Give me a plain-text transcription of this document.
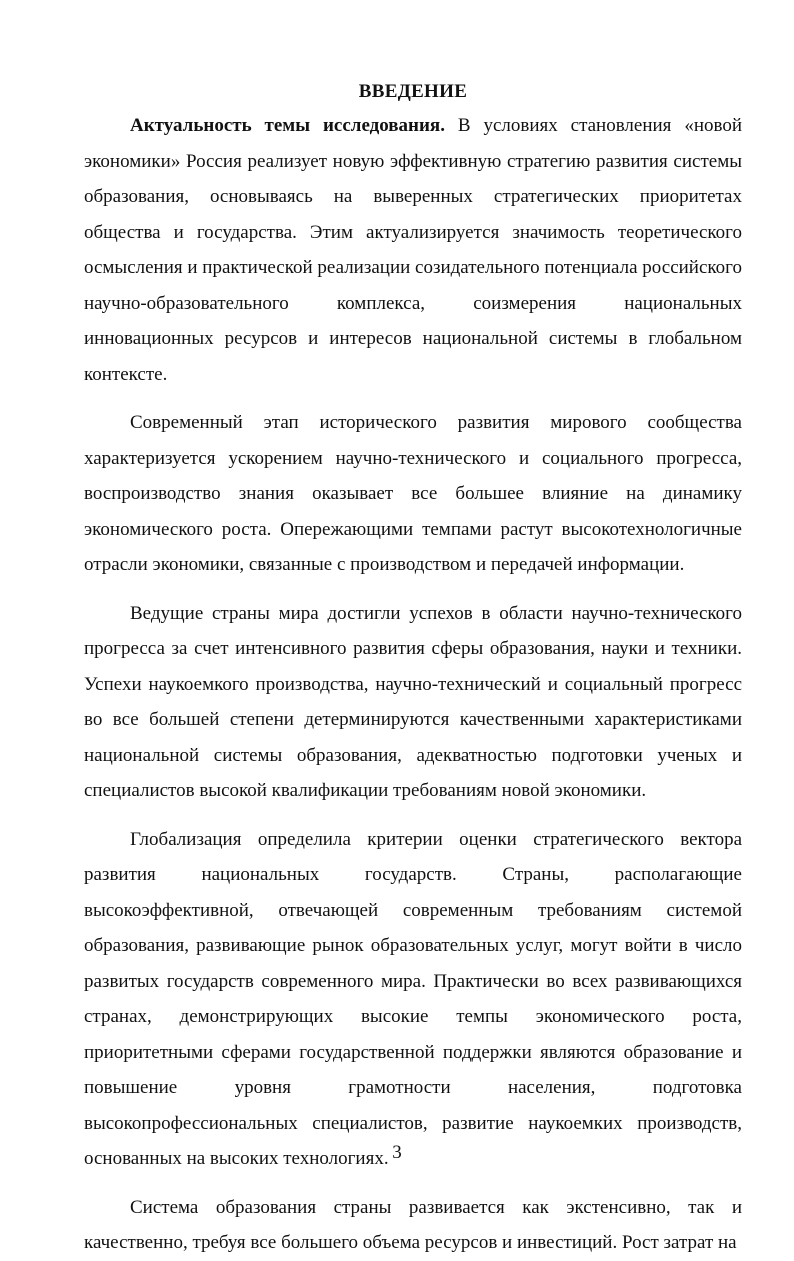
ВВЕДЕНИЕ

Актуальность темы исследования. В условиях становления «новой экономики» Россия реализует новую эффективную стратегию развития системы образования, основываясь на выверенных стратегических приоритетах общества и государства. Этим актуализируется значимость теоретического осмысления и практической реализации созидательного потенциала российского научно-образовательного комплекса, соизмерения национальных инновационных ресурсов и интересов национальной системы в глобальном контексте.

Современный этап исторического развития мирового сообщества характеризуется ускорением научно-технического и социального прогресса, воспроизводство знания оказывает все большее влияние на динамику экономического роста. Опережающими темпами растут высокотехнологичные отрасли экономики, связанные с производством и передачей информации.

Ведущие страны мира достигли успехов в области научно-технического прогресса за счет интенсивного развития сферы образования, науки и техники. Успехи наукоемкого производства, научно-технический и социальный прогресс во все большей степени детерминируются качественными характеристиками национальной системы образования, адекватностью подготовки ученых и специалистов высокой квалификации требованиям новой экономики.

Глобализация определила критерии оценки стратегического вектора развития национальных государств. Страны, располагающие высокоэффективной, отвечающей современным требованиям системой образования, развивающие рынок образовательных услуг, могут войти в число развитых государств современного мира. Практически во всех развивающихся странах, демонстрирующих высокие темпы экономического роста, приоритетными сферами государственной поддержки являются образование и повышение уровня грамотности населения, подготовка высокопрофессиональных специалистов, развитие наукоемких производств, основанных на высоких технологиях.

Система образования страны развивается как экстенсивно, так и качественно, требуя все большего объема ресурсов и инвестиций. Рост затрат на

3
